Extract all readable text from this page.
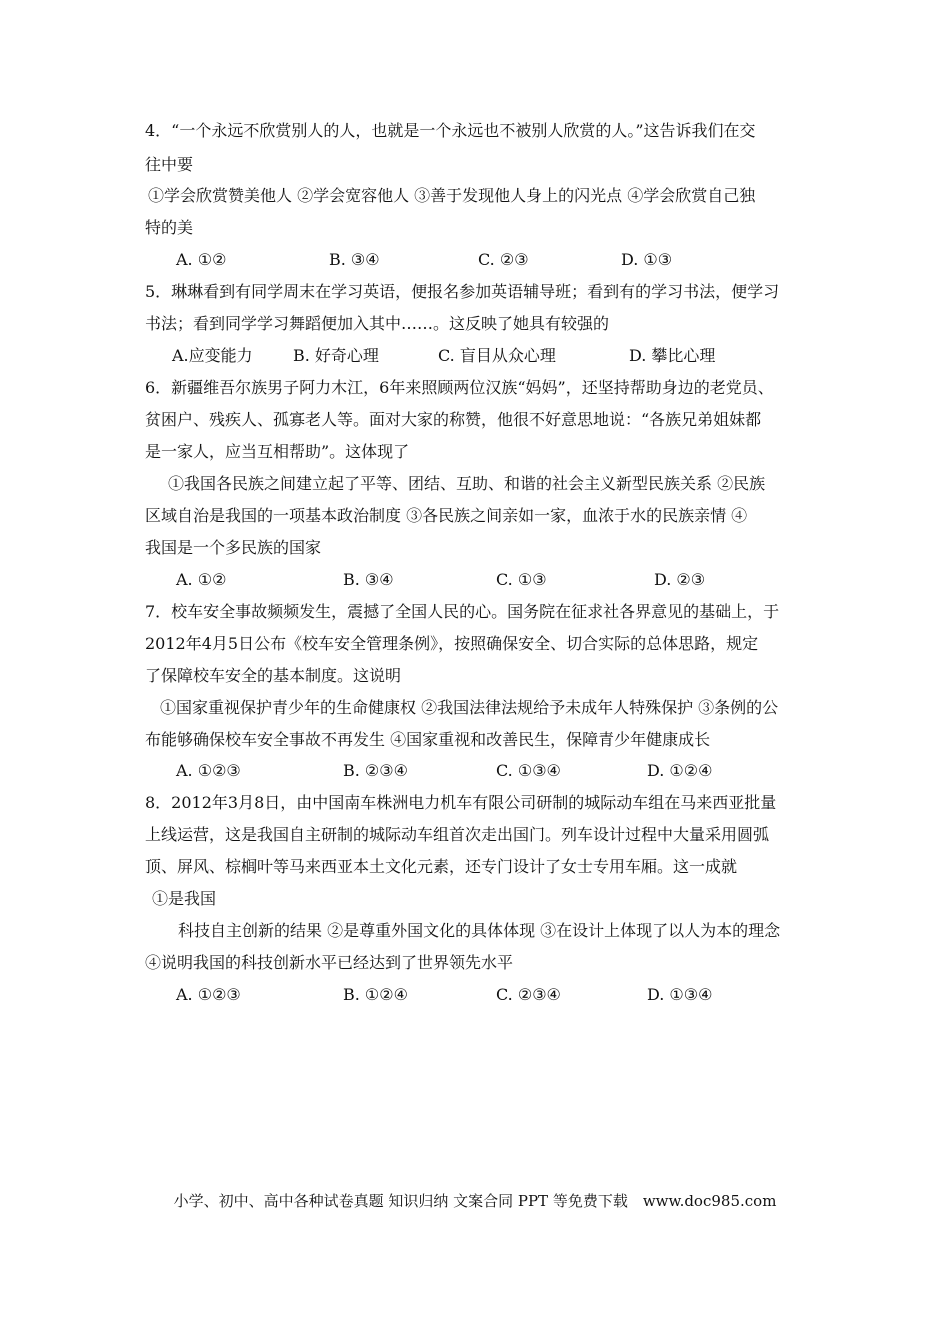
4．“一个永远不欣赏别人的人，也就是一个永远也不被别人欣赏的人。”这告诉我们在交
往中要
①学会欣赏赞美他人 ②学会宽容他人 ③善于发现他人身上的闪光点 ④学会欣赏自己独
特的美
A. ①②	B. ③④	C. ②③	D. ①③
5．琳琳看到有同学周末在学习英语，便报名参加英语辅导班；看到有的学习书法，便学习
书法；看到同学学习舞蹈便加入其中……。这反映了她具有较强的
A.应变能力	B. 好奇心理	C. 盲目从众心理	D. 攀比心理
6．新疆维吾尔族男子阿力木江，6年来照顾两位汉族“妈妈”，还坚持帮助身边的老党员、
贫困户、残疾人、孤寡老人等。面对大家的称赞，他很不好意思地说：“各族兄弟姐妹都
是一家人，应当互相帮助”。这体现了
①我国各民族之间建立起了平等、团结、互助、和谐的社会主义新型民族关系 ②民族
区域自治是我国的一项基本政治制度 ③各民族之间亲如一家，血浓于水的民族亲情 ④
我国是一个多民族的国家
A. ①②	B. ③④	C. ①③	D. ②③
7．校车安全事故频频发生，震撼了全国人民的心。国务院在征求社各界意见的基础上，于
2012年4月5日公布《校车安全管理条例》，按照确保安全、切合实际的总体思路，规定
了保障校车安全的基本制度。这说明
①国家重视保护青少年的生命健康权 ②我国法律法规给予未成年人特殊保护 ③条例的公
布能够确保校车安全事故不再发生 ④国家重视和改善民生，保障青少年健康成长
A. ①②③	B. ②③④	C. ①③④	D. ①②④
8．2012年3月8日，由中国南车株洲电力机车有限公司研制的城际动车组在马来西亚批量
上线运营，这是我国自主研制的城际动车组首次走出国门。列车设计过程中大量采用圆弧
顶、屏风、棕榈叶等马来西亚本土文化元素，还专门设计了女士专用车厢。这一成就
①是我国
科技自主创新的结果 ②是尊重外国文化的具体体现 ③在设计上体现了以人为本的理念
④说明我国的科技创新水平已经达到了世界领先水平
A. ①②③	B. ①②④	C. ②③④	D. ①③④
小学、初中、高中各种试卷真题 知识归纳 文案合同 PPT 等免费下载　www.doc985.com
